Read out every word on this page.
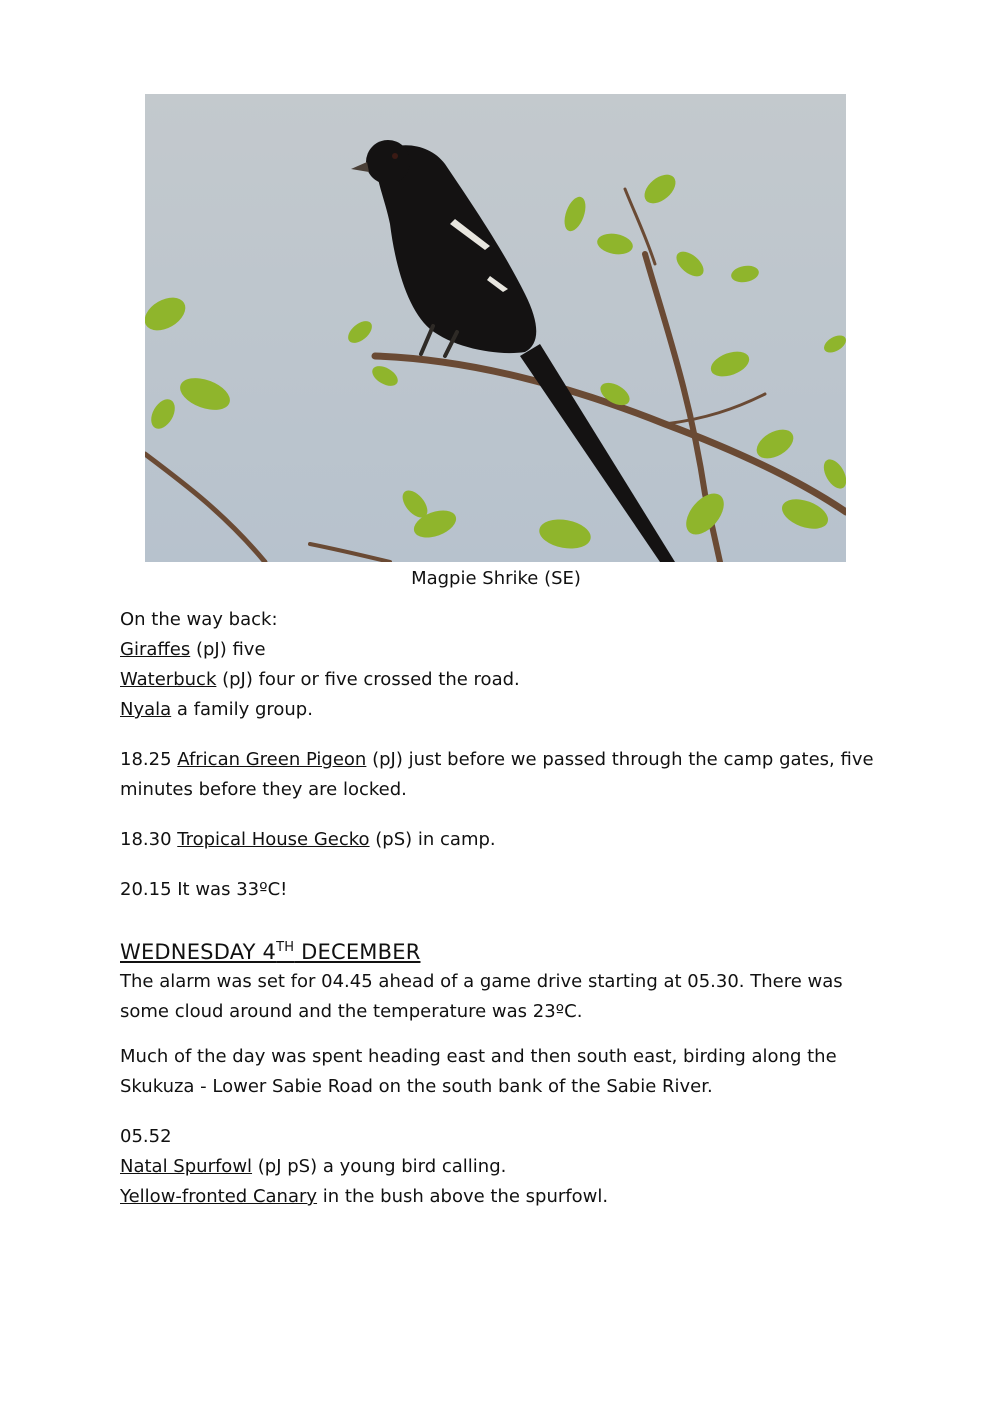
Magpie Shrike (SE)

On the way back:

Giraffes (pJ) five

Waterbuck (pJ) four or five crossed the road.

Nyala a family group.

18.25 African Green Pigeon (pJ) just before we passed through the camp gates, five minutes before they are locked.

18.30 Tropical House Gecko (pS) in camp.

20.15 It was 33ºC!

WEDNESDAY 4TH DECEMBER

The alarm was set for 04.45 ahead of a game drive starting at 05.30. There was some cloud around and the temperature was 23ºC.

Much of the day was spent heading east and then south east, birding along the Skukuza - Lower Sabie Road on the south bank of the Sabie River.

05.52

Natal Spurfowl (pJ pS) a young bird calling.

Yellow-fronted Canary in the bush above the spurfowl.
